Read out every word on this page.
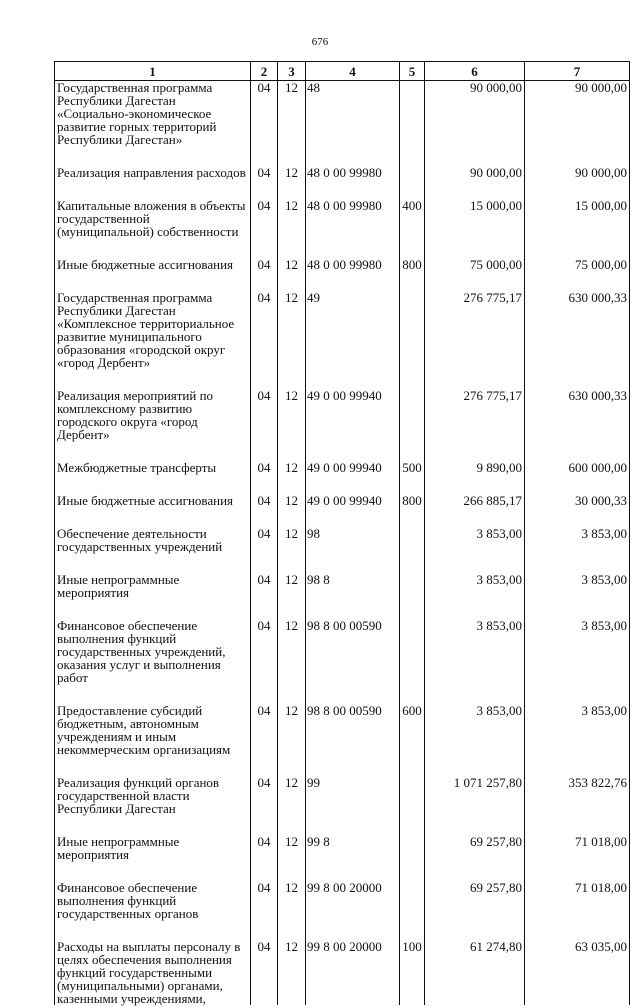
676
1	2	3	4	5	6	7
Государственная программа Республики Дагестан «Социально-экономическое развитие горных территорий Республики Дагестан»	04	12	48		90 000,00	90 000,00

Реализация направления расходов	04	12	48 0 00 99980		90 000,00	90 000,00

Капитальные вложения в объекты государственной (муниципальной) собственности	04	12	48 0 00 99980	400	15 000,00	15 000,00

Иные бюджетные ассигнования	04	12	48 0 00 99980	800	75 000,00	75 000,00

Государственная программа Республики Дагестан «Комплексное территориальное развитие муниципального образования «городской округ «город Дербент»	04	12	49		276 775,17	630 000,33

Реализация мероприятий по комплексному развитию городского округа «город Дербент»	04	12	49 0 00 99940		276 775,17	630 000,33

Межбюджетные трансферты	04	12	49 0 00 99940	500	9 890,00	600 000,00

Иные бюджетные ассигнования	04	12	49 0 00 99940	800	266 885,17	30 000,33

Обеспечение деятельности государственных учреждений	04	12	98		3 853,00	3 853,00

Иные непрограммные мероприятия	04	12	98 8		3 853,00	3 853,00

Финансовое обеспечение выполнения функций государственных учреждений, оказания услуг и выполнения работ	04	12	98 8 00 00590		3 853,00	3 853,00

Предоставление субсидий бюджетным, автономным учреждениям и иным некоммерческим организациям	04	12	98 8 00 00590	600	3 853,00	3 853,00

Реализация функций органов государственной власти Республики Дагестан	04	12	99		1 071 257,80	353 822,76

Иные непрограммные мероприятия	04	12	99 8		69 257,80	71 018,00

Финансовое обеспечение выполнения функций государственных органов	04	12	99 8 00 20000		69 257,80	71 018,00

Расходы на выплаты персоналу в целях обеспечения выполнения функций государственными (муниципальными) органами, казенными учреждениями,	04	12	99 8 00 20000	100	61 274,80	63 035,00
